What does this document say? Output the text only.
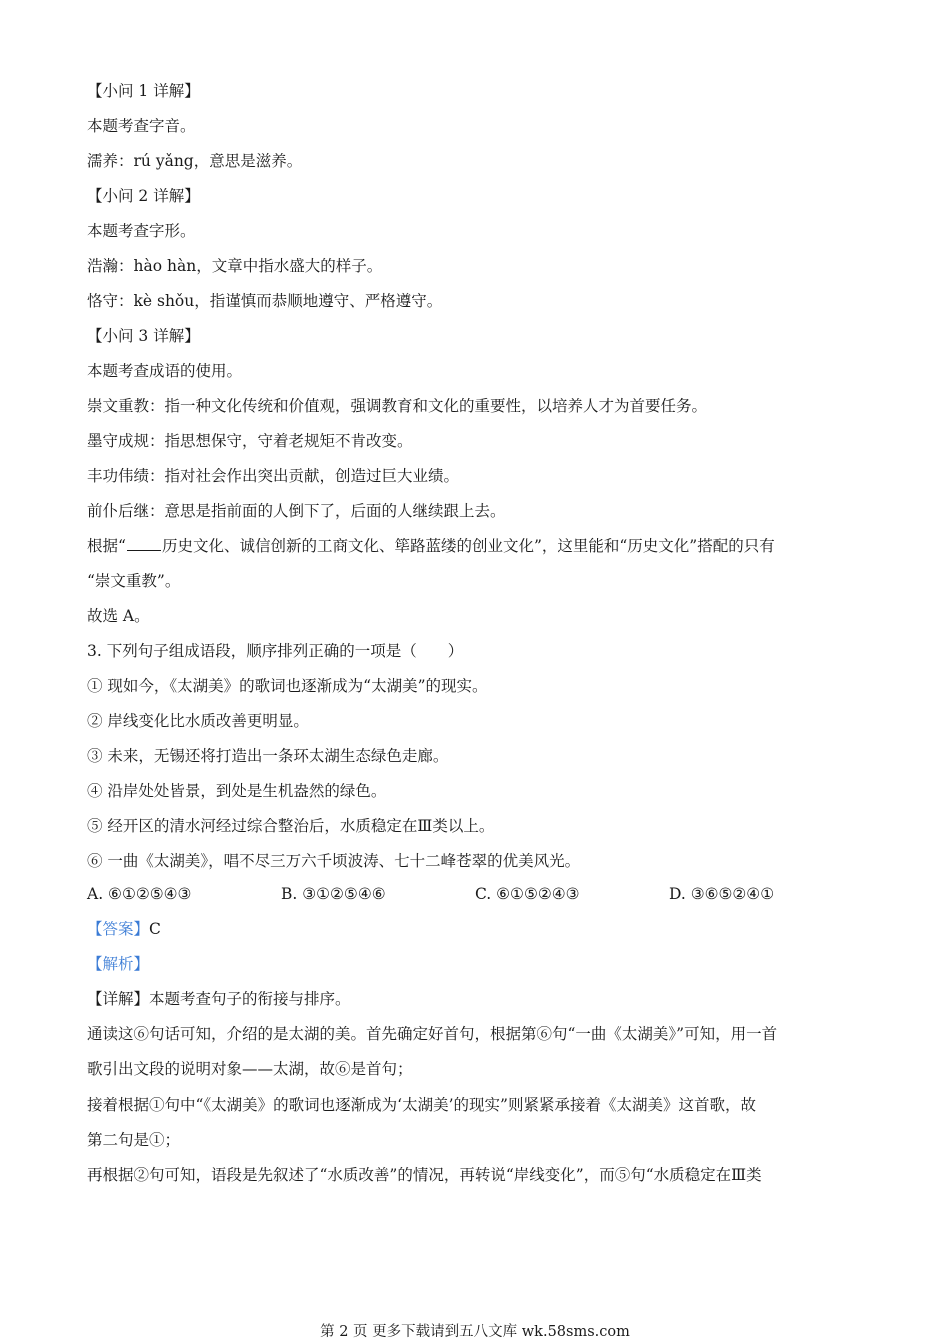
【小问 1 详解】
本题考查字音。
濡养：rú yǎng，意思是滋养。
【小问 2 详解】
本题考查字形。
浩瀚：hào hàn，文章中指水盛大的样子。
恪守：kè shǒu，指谨慎而恭顺地遵守、严格遵守。
【小问 3 详解】
本题考查成语的使用。
崇文重教：指一种文化传统和价值观，强调教育和文化的重要性，以培养人才为首要任务。
墨守成规：指思想保守，守着老规矩不肯改变。
丰功伟绩：指对社会作出突出贡献，创造过巨大业绩。
前仆后继：意思是指前面的人倒下了，后面的人继续跟上去。
根据“ 历史文化、诚信创新的工商文化、筚路蓝缕的创业文化”，这里能和“历史文化”搭配的只有
“崇文重教”。
故选 A。
3. 下列句子组成语段，顺序排列正确的一项是（　　）
① 现如今，《太湖美》的歌词也逐渐成为“太湖美”的现实。
② 岸线变化比水质改善更明显。
③ 未来，无锡还将打造出一条环太湖生态绿色走廊。
④ 沿岸处处皆景，到处是生机盎然的绿色。
⑤ 经开区的清水河经过综合整治后，水质稳定在Ⅲ类以上。
⑥ 一曲《太湖美》，唱不尽三万六千顷波涛、七十二峰苍翠的优美风光。
A. ⑥①②⑤④③	B. ③①②⑤④⑥	C. ⑥①⑤②④③	D. ③⑥⑤②④①
【答案】C
【解析】
【详解】本题考查句子的衔接与排序。
通读这⑥句话可知，介绍的是太湖的美。首先确定好首句，根据第⑥句“一曲《太湖美》”可知，用一首
歌引出文段的说明对象——太湖，故⑥是首句；
接着根据①句中“《太湖美》的歌词也逐渐成为‘太湖美’的现实”则紧紧承接着《太湖美》这首歌，故
第二句是①；
再根据②句可知，语段是先叙述了“水质改善”的情况，再转说“岸线变化”，而⑤句“水质稳定在Ⅲ类
第 2 页 更多下载请到五八文库 wk.58sms.com
